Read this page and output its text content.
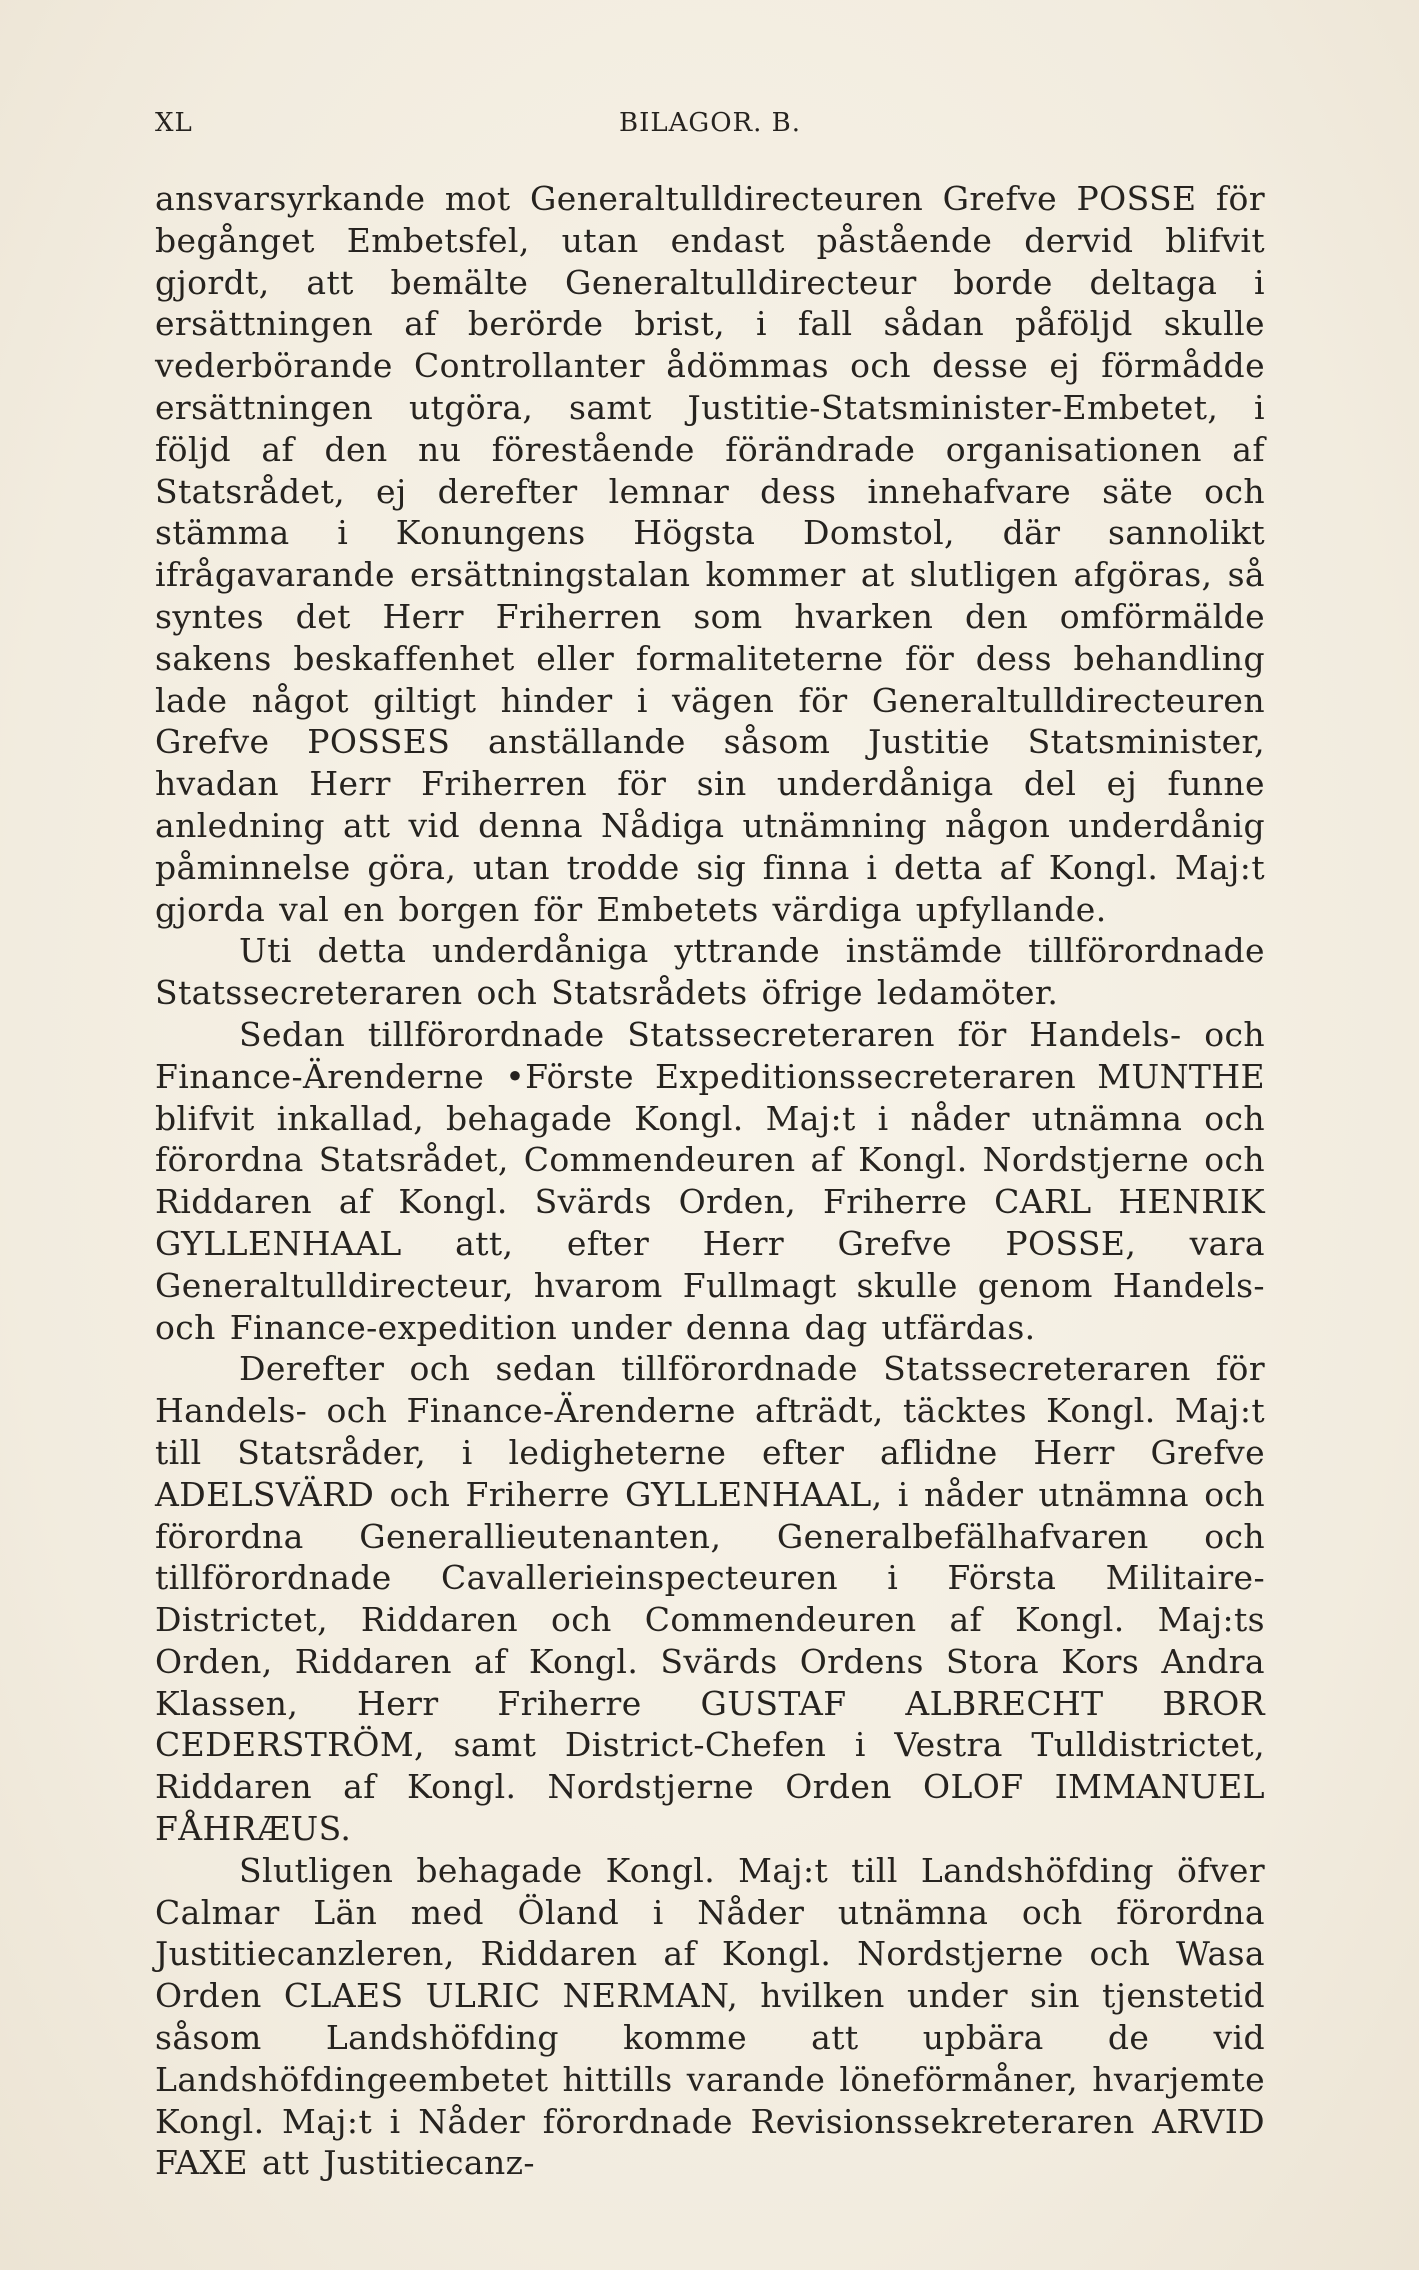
XL	BILAGOR. B.

ansvarsyrkande mot Generaltulldirecteuren Grefve POSSE för begånget Embetsfel, utan endast påstående dervid blifvit gjordt, att bemälte Generaltulldirecteur borde deltaga i ersättningen af berörde brist, i fall sådan påföljd skulle vederbörande Controllanter ådömmas och desse ej förmådde ersättningen utgöra, samt Justitie-Statsminister-Embetet, i följd af den nu förestående förändrade organisationen af Statsrådet, ej derefter lemnar dess innehafvare säte och stämma i Konungens Högsta Domstol, där sannolikt ifrågavarande ersättningstalan kommer at slutligen afgöras, så syntes det Herr Friherren som hvarken den omförmälde sakens beskaffenhet eller formaliteterne för dess behandling lade något giltigt hinder i vägen för Generaltulldirecteuren Grefve POSSES anställande såsom Justitie Statsminister, hvadan Herr Friherren för sin underdåniga del ej funne anledning att vid denna Nådiga utnämning någon underdånig påminnelse göra, utan trodde sig finna i detta af Kongl. Maj:t gjorda val en borgen för Embetets värdiga upfyllande.

Uti detta underdåniga yttrande instämde tillförordnade Statssecreteraren och Statsrådets öfrige ledamöter.

Sedan tillförordnade Statssecreteraren för Handels- och Finance-Ärenderne •Förste Expeditionssecreteraren MUNTHE blifvit inkallad, behagade Kongl. Maj:t i nåder utnämna och förordna Statsrådet, Commendeuren af Kongl. Nordstjerne och Riddaren af Kongl. Svärds Orden, Friherre CARL HENRIK GYLLENHAAL att, efter Herr Grefve POSSE, vara Generaltulldirecteur, hvarom Fullmagt skulle genom Handels- och Finance-expedition under denna dag utfärdas.

Derefter och sedan tillförordnade Statssecreteraren för Handels- och Finance-Ärenderne afträdt, täcktes Kongl. Maj:t till Statsråder, i ledigheterne efter aflidne Herr Grefve ADELSVÄRD och Friherre GYLLENHAAL, i nåder utnämna och förordna Generallieutenanten, Generalbefälhafvaren och tillförordnade Cavallerieinspecteuren i Första Militaire-Districtet, Riddaren och Commendeuren af Kongl. Maj:ts Orden, Riddaren af Kongl. Svärds Ordens Stora Kors Andra Klassen, Herr Friherre GUSTAF ALBRECHT BROR CEDERSTRÖM, samt District-Chefen i Vestra Tulldistrictet, Riddaren af Kongl. Nordstjerne Orden OLOF IMMANUEL FÅHRÆUS.

Slutligen behagade Kongl. Maj:t till Landshöfding öfver Calmar Län med Öland i Nåder utnämna och förordna Justitiecanzleren, Riddaren af Kongl. Nordstjerne och Wasa Orden CLAES ULRIC NERMAN, hvilken under sin tjenstetid såsom Landshöfding komme att upbära de vid Landshöfdingeembetet hittills varande löneförmåner, hvarjemte Kongl. Maj:t i Nåder förordnade Revisionssekreteraren ARVID FAXE att Justitiecanz-
